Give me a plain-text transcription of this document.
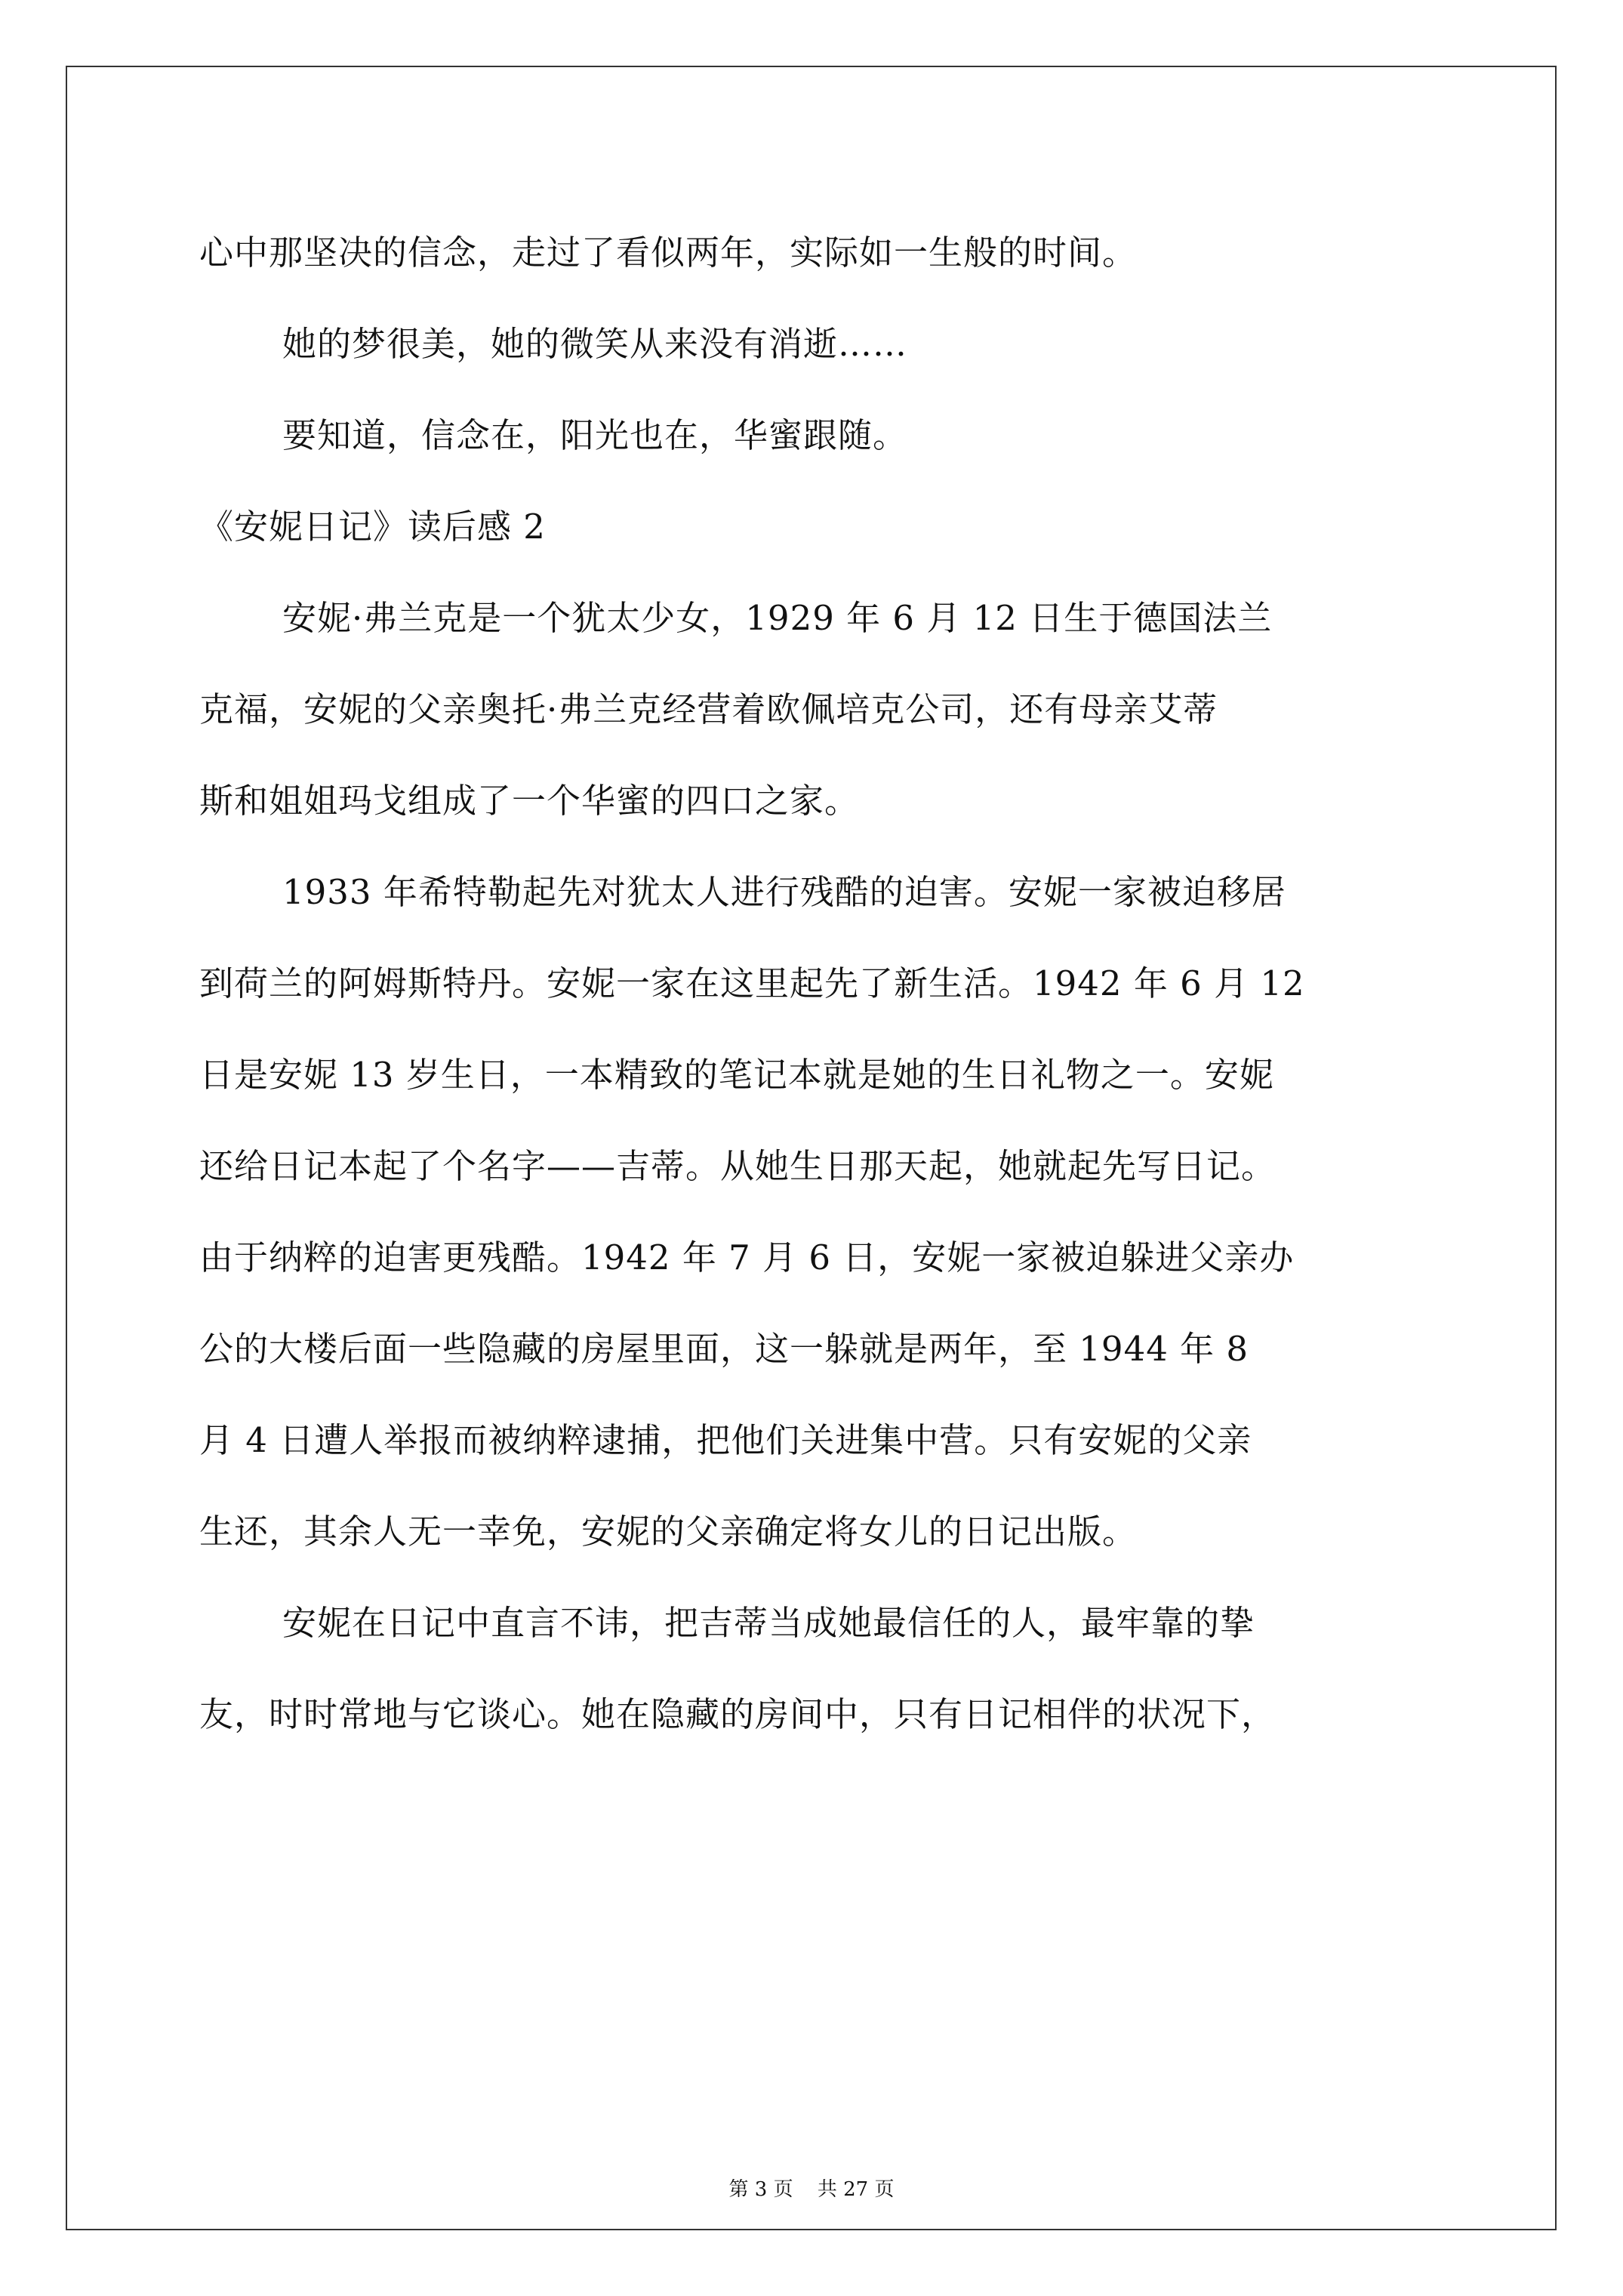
心中那坚决的信念，走过了看似两年，实际如一生般的时间。
她的梦很美，她的微笑从来没有消逝……
要知道，信念在，阳光也在，华蜜跟随。
《安妮日记》读后感 2
安妮·弗兰克是一个犹太少女，1929 年 6 月 12 日生于德国法兰
克福，安妮的父亲奥托·弗兰克经营着欧佩培克公司，还有母亲艾蒂
斯和姐姐玛戈组成了一个华蜜的四口之家。
1933 年希特勒起先对犹太人进行残酷的迫害。安妮一家被迫移居
到荷兰的阿姆斯特丹。安妮一家在这里起先了新生活。1942 年 6 月 12
日是安妮 13 岁生日，一本精致的笔记本就是她的生日礼物之一。安妮
还给日记本起了个名字——吉蒂。从她生日那天起，她就起先写日记。
由于纳粹的迫害更残酷。1942 年 7 月 6 日，安妮一家被迫躲进父亲办
公的大楼后面一些隐藏的房屋里面，这一躲就是两年，至 1944 年 8
月 4 日遭人举报而被纳粹逮捕，把他们关进集中营。只有安妮的父亲
生还，其余人无一幸免，安妮的父亲确定将女儿的日记出版。
安妮在日记中直言不讳，把吉蒂当成她最信任的人，最牢靠的挚
友，时时常地与它谈心。她在隐藏的房间中，只有日记相伴的状况下，
第 3 页 共 27 页
